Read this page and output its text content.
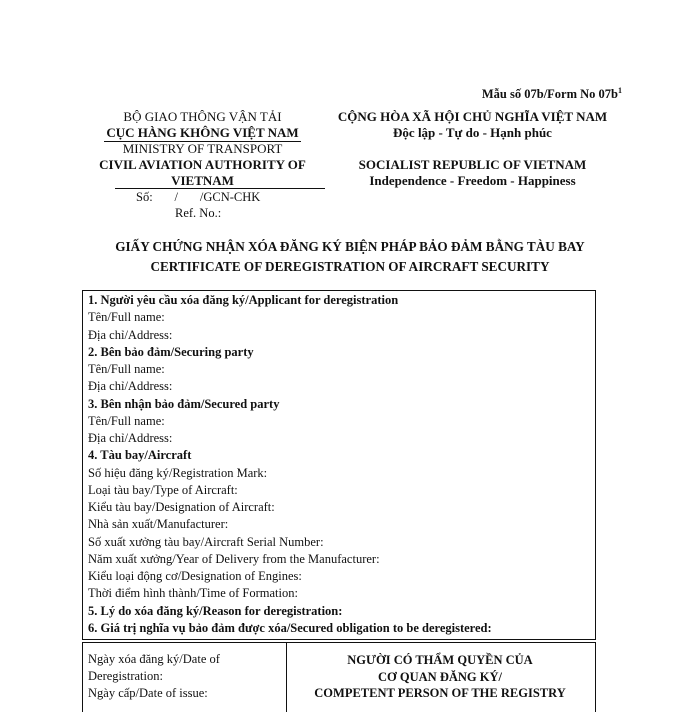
Mẫu số 07b/Form No $07b^1$
BỘ GIAO THÔNG VẬN TẢI
CỤC HÀNG KHÔNG VIỆT NAM
MINISTRY OF TRANSPORT
CIVIL AVIATION AUTHORITY OF
VIETNAM
Số:       /       /GCN-CHK
Ref. No.:
CỘNG HÒA XÃ HỘI CHỦ NGHĨA VIỆT NAM
Độc lập - Tự do - Hạnh phúc
SOCIALIST REPUBLIC OF VIETNAM
Independence - Freedom - Happiness
GIẤY CHỨNG NHẬN XÓA ĐĂNG KÝ BIỆN PHÁP BẢO ĐẢM BẰNG TÀU BAY
CERTIFICATE OF DEREGISTRATION OF AIRCRAFT SECURITY
1. Người yêu cầu xóa đăng ký/Applicant for deregistration
Tên/Full name:
Địa chỉ/Address:
2. Bên bảo đảm/Securing party
Tên/Full name:
Địa chỉ/Address:
3. Bên nhận bảo đảm/Secured party
Tên/Full name:
Địa chỉ/Address:
4. Tàu bay/Aircraft
Số hiệu đăng ký/Registration Mark:
Loại tàu bay/Type of Aircraft:
Kiểu tàu bay/Designation of Aircraft:
Nhà sản xuất/Manufacturer:
Số xuất xưởng tàu bay/Aircraft Serial Number:
Năm xuất xưởng/Year of Delivery from the Manufacturer:
Kiểu loại động cơ/Designation of Engines:
Thời điểm hình thành/Time of Formation:
5. Lý do xóa đăng ký/Reason for deregistration:
6. Giá trị nghĩa vụ bảo đảm được xóa/Secured obligation to be deregistered:
Ngày xóa đăng ký/Date of
Deregistration:
Ngày cấp/Date of issue:
NGƯỜI CÓ THẨM QUYỀN CỦA
CƠ QUAN ĐĂNG KÝ/
COMPETENT PERSON OF THE REGISTRY
